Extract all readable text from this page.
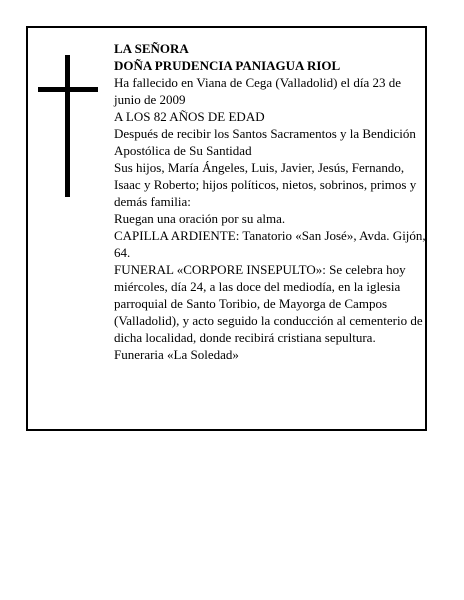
LA SEÑORA

DOÑA PRUDENCIA PANIAGUA RIOL

Ha fallecido en Viana de Cega (Valladolid) el día 23 de junio de 2009

A LOS 82 AÑOS DE EDAD

Después de recibir los Santos Sacramentos y la Bendición Apostólica de Su Santidad

Sus hijos, María Ángeles, Luis, Javier, Jesús, Fernando, Isaac y Roberto; hijos políticos, nietos, sobrinos, primos y demás familia:

Ruegan una oración por su alma.

CAPILLA ARDIENTE: Tanatorio «San José», Avda. Gijón, 64.

FUNERAL «CORPORE INSEPULTO»: Se celebra hoy miércoles, día 24, a las doce del mediodía, en la iglesia parroquial de Santo Toribio, de Mayorga de Campos (Valladolid), y acto seguido la conducción al cementerio de dicha localidad, donde recibirá cristiana sepultura.

Funeraria «La Soledad»
